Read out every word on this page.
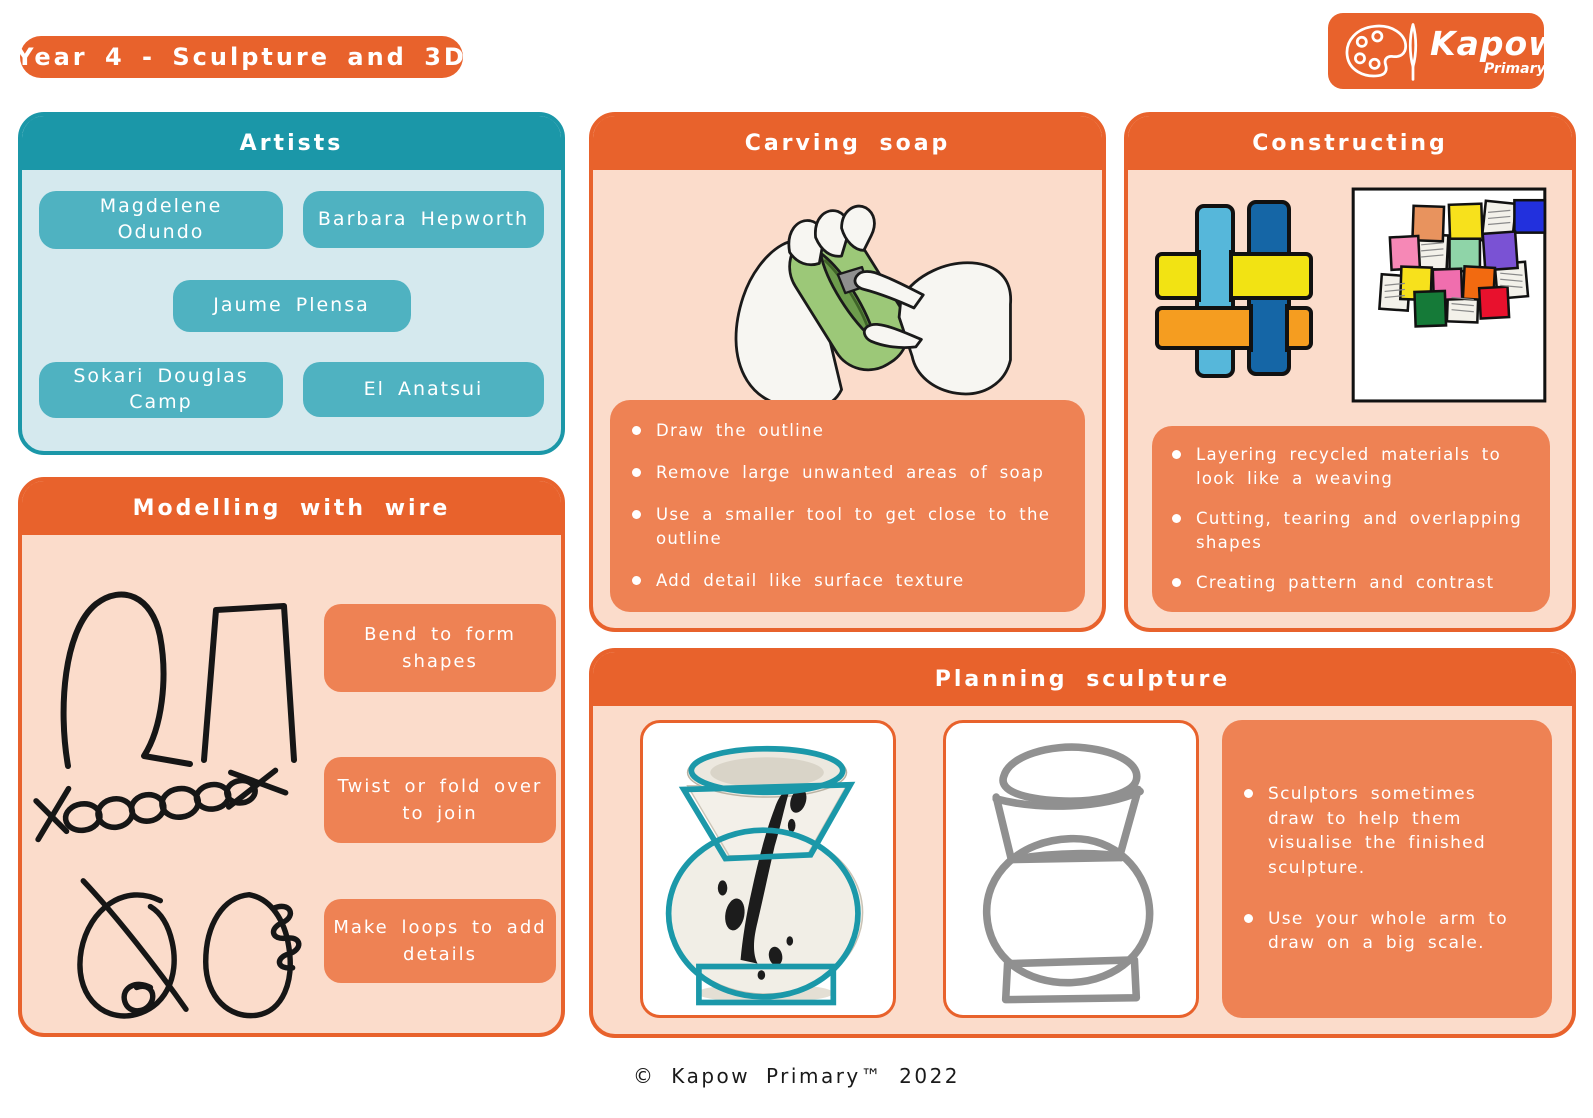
Year 4 - Sculpture and 3D	Kapow
Primary™
Artists
Magdelene Odundo
Barbara Hepworth
Jaume Plensa
Sokari Douglas Camp
El Anatsui
Carving soap
Draw the outline
Remove large unwanted areas of soap
Use a smaller tool to get close to the outline
Add detail like surface texture
Constructing
Layering recycled materials to look like a weaving
Cutting, tearing and overlapping shapes
Creating pattern and contrast
Modelling with wire
Bend to form shapes
Twist or fold over to join
Make loops to add details
Planning sculpture
Sculptors sometimes draw to help them visualise the finished sculpture.
Use your whole arm to draw on a big scale.
© Kapow Primary™ 2022
